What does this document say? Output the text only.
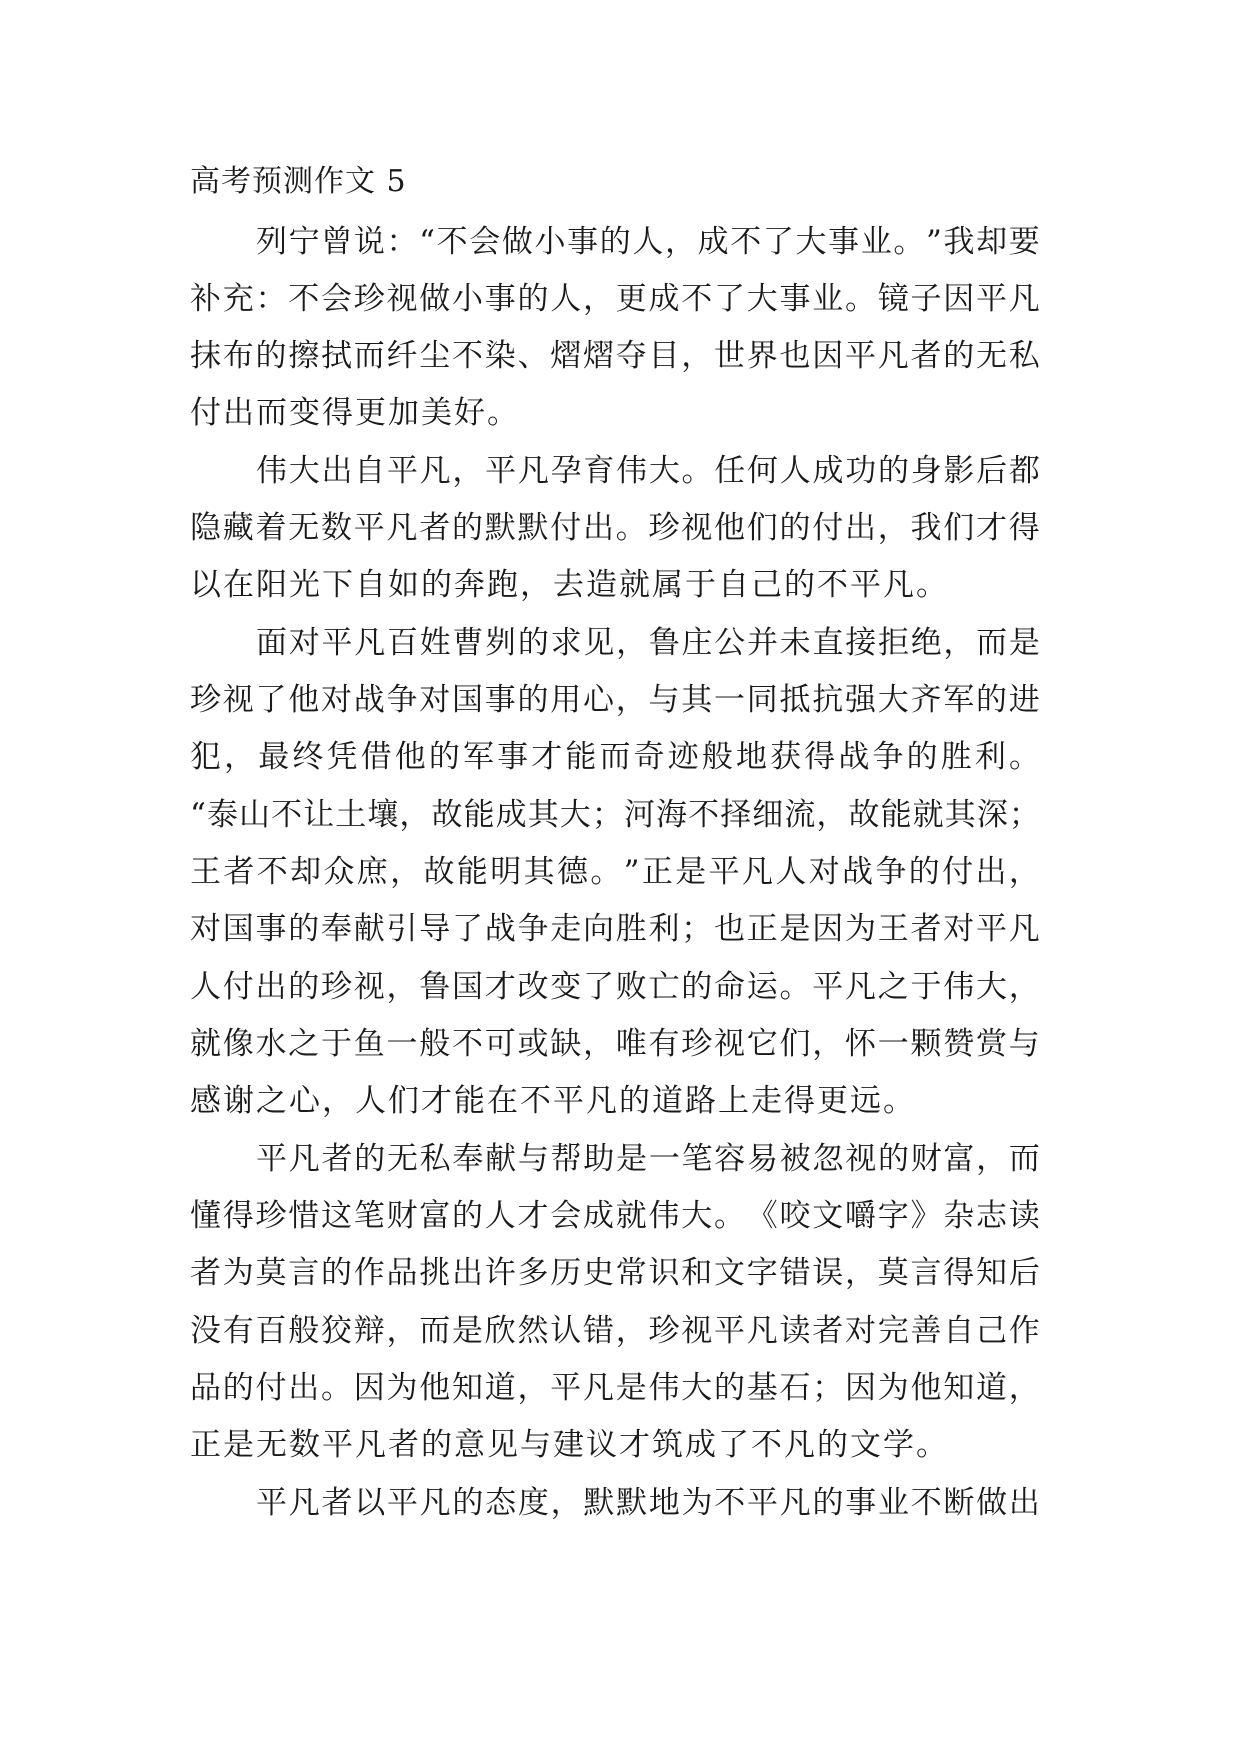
高考预测作文 5
列 宁 曾 说 ： “ 不 会 做 小 事 的 人 ， 成 不 了 大 事 业 。 ” 我 却 要
补 充 ： 不 会 珍 视 做 小 事 的 人 ， 更 成 不 了 大 事 业 。 镜 子 因 平 凡
抹 布 的 擦 拭 而 纤 尘 不 染 、 熠 熠 夺 目 ， 世 界 也 因 平 凡 者 的 无 私
付出而变得更加美好。
伟 大 出 自 平 凡 ， 平 凡 孕 育 伟 大 。 任 何 人 成 功 的 身 影 后 都
隐 藏 着 无 数 平 凡 者 的 默 默 付 出 。 珍 视 他 们 的 付 出 ， 我 们 才 得
以在阳光下自如的奔跑，去造就属于自己的不平凡。
面 对 平 凡 百 姓 曹 刿 的 求 见 ， 鲁 庄 公 并 未 直 接 拒 绝 ， 而 是
珍 视 了 他 对 战 争 对 国 事 的 用 心 ， 与 其 一 同 抵 抗 强 大 齐 军 的 进
犯 ， 最 终 凭 借 他 的 军 事 才 能 而 奇 迹 般 地 获 得 战 争 的 胜 利 。
“ 泰 山 不 让 土 壤 ， 故 能 成 其 大 ； 河 海 不 择 细 流 ， 故 能 就 其 深 ；
王 者 不 却 众 庶 ， 故 能 明 其 德 。 ” 正 是 平 凡 人 对 战 争 的 付 出 ，
对 国 事 的 奉 献 引 导 了 战 争 走 向 胜 利 ； 也 正 是 因 为 王 者 对 平 凡
人 付 出 的 珍 视 ， 鲁 国 才 改 变 了 败 亡 的 命 运 。 平 凡 之 于 伟 大 ，
就 像 水 之 于 鱼 一 般 不 可 或 缺 ， 唯 有 珍 视 它 们 ， 怀 一 颗 赞 赏 与
感谢之心，人们才能在不平凡的道路上走得更远。
平 凡 者 的 无 私 奉 献 与 帮 助 是 一 笔 容 易 被 忽 视 的 财 富 ， 而
懂 得 珍 惜 这 笔 财 富 的 人 才 会 成 就 伟 大 。 《 咬 文 嚼 字 》 杂 志 读
者 为 莫 言 的 作 品 挑 出 许 多 历 史 常 识 和 文 字 错 误 ， 莫 言 得 知 后
没 有 百 般 狡 辩 ， 而 是 欣 然 认 错 ， 珍 视 平 凡 读 者 对 完 善 自 己 作
品 的 付 出 。 因 为 他 知 道 ， 平 凡 是 伟 大 的 基 石 ； 因 为 他 知 道 ，
正是无数平凡者的意见与建议才筑成了不凡的文学。
平 凡 者 以 平 凡 的 态 度 ， 默 默 地 为 不 平 凡 的 事 业 不 断 做 出
